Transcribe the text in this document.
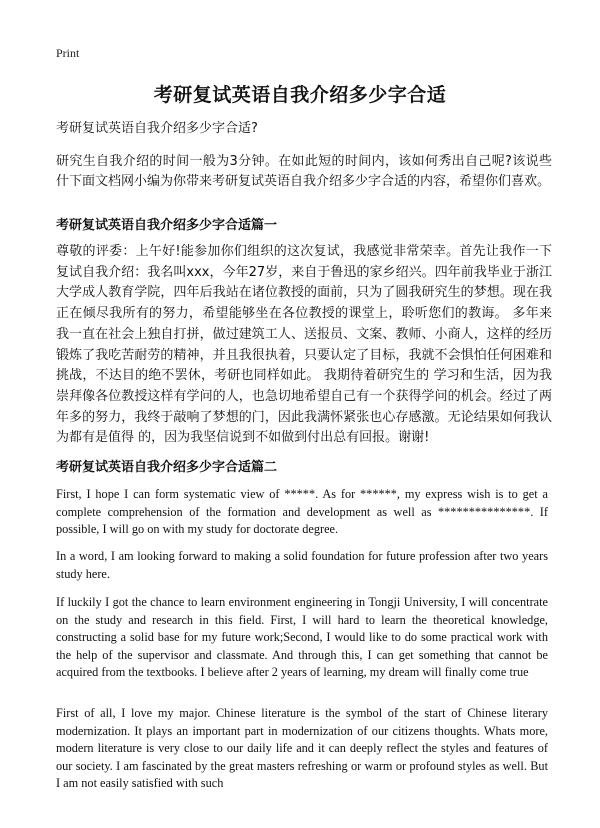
Print
考研复试英语自我介绍多少字合适

考研复试英语自我介绍多少字合适?

研究生自我介绍的时间一般为3分钟。在如此短的时间内，该如何秀出自己呢?该说些什下面文档网小编为你带来考研复试英语自我介绍多少字合适的内容，希望你们喜欢。

考研复试英语自我介绍多少字合适篇一

尊敬的评委：上午好!能参加你们组织的这次复试，我感觉非常荣幸。首先让我作一下复试自我介绍：我名叫xxx，今年27岁，来自于鲁迅的家乡绍兴。四年前我毕业于浙江大学成人教育学院，四年后我站在诸位教授的面前，只为了圆我研究生的梦想。现在我正在倾尽我所有的努力，希望能够坐在各位教授的课堂上，聆听您们的教诲。 多年来我一直在社会上独自打拼，做过建筑工人、送报员、文案、教师、小商人，这样的经历锻炼了我吃苦耐劳的精神，并且我很执着，只要认定了目标，我就不会惧怕任何困难和挑战，不达目的绝不罢休，考研也同样如此。 我期待着研究生的 学习和生活，因为我崇拜像各位教授这样有学问的人，也急切地希望自己有一个获得学问的机会。经过了两年多的努力，我终于敲响了梦想的门，因此我满怀紧张也心存感激。无论结果如何我认为都有是值得 的，因为我坚信说到不如做到付出总有回报。谢谢!

考研复试英语自我介绍多少字合适篇二

First, I hope I can form systematic view of *****. As for ******, my express wish is to get a complete comprehension of the formation and development as well as ***************. If possible, I will go on with my study for doctorate degree.

In a word, I am looking forward to making a solid foundation for future profession after two years study here.

If luckily I got the chance to learn environment engineering in Tongji University, I will concentrate on the study and research in this field. First, I will hard to learn the theoretical knowledge, constructing a solid base for my future work;Second, I would like to do some practical work with the help of the supervisor and classmate. And through this, I can get something that cannot be acquired from the textbooks. I believe after 2 years of learning, my dream will finally come true

First of all, I love my major. Chinese literature is the symbol of the start of Chinese literary modernization. It plays an important part in modernization of our citizens thoughts. Whats more, modern literature is very close to our daily life and it can deeply reflect the styles and features of our society. I am fascinated by the great masters refreshing or warm or profound styles as well. But I am not easily satisfied with such
